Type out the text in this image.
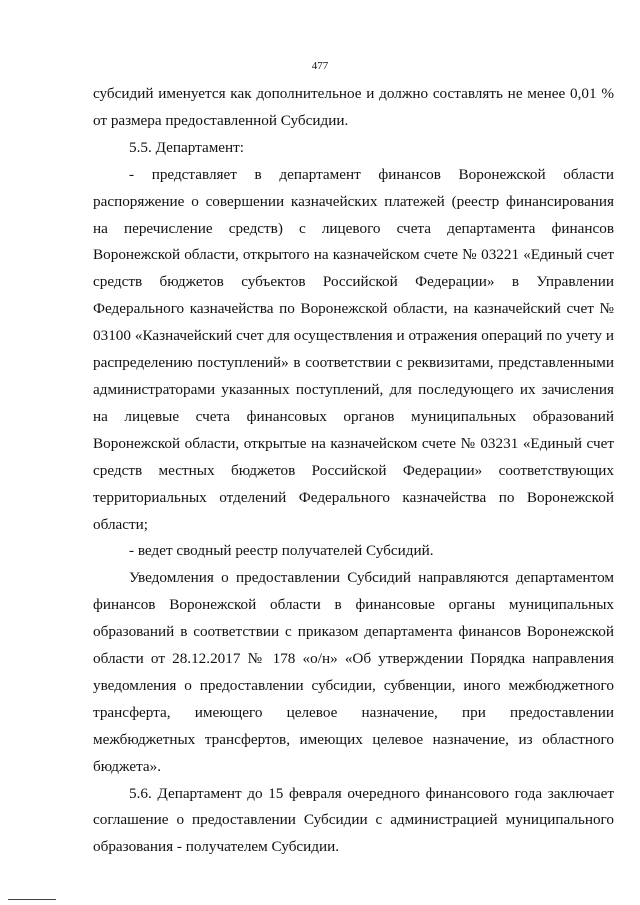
477

субсидий именуется как дополнительное и должно составлять не менее 0,01 % от размера предоставленной Субсидии.

5.5. Департамент:

- представляет в департамент финансов Воронежской области распоряжение о совершении казначейских платежей (реестр финансирования на перечисление средств) с лицевого счета департамента финансов Воронежской области, открытого на казначейском счете № 03221 «Единый счет средств бюджетов субъектов Российской Федерации» в Управлении Федерального казначейства по Воронежской области, на казначейский счет № 03100 «Казначейский счет для осуществления и отражения операций по учету и распределению поступлений» в соответствии с реквизитами, представленными администраторами указанных поступлений, для последующего их зачисления на лицевые счета финансовых органов муниципальных образований Воронежской области, открытые на казначейском счете № 03231 «Единый счет средств местных бюджетов Российской Федерации» соответствующих территориальных отделений Федерального казначейства по Воронежской области;

- ведет сводный реестр получателей Субсидий.

Уведомления о предоставлении Субсидий направляются департаментом финансов Воронежской области в финансовые органы муниципальных образований в соответствии с приказом департамента финансов Воронежской области от 28.12.2017 № 178 «о/н» «Об утверждении Порядка направления уведомления о предоставлении субсидии, субвенции, иного межбюджетного трансферта, имеющего целевое назначение, при предоставлении межбюджетных трансфертов, имеющих целевое назначение, из областного бюджета».

5.6. Департамент до 15 февраля очередного финансового года заключает соглашение о предоставлении Субсидии с администрацией муниципального образования - получателем Субсидии.
